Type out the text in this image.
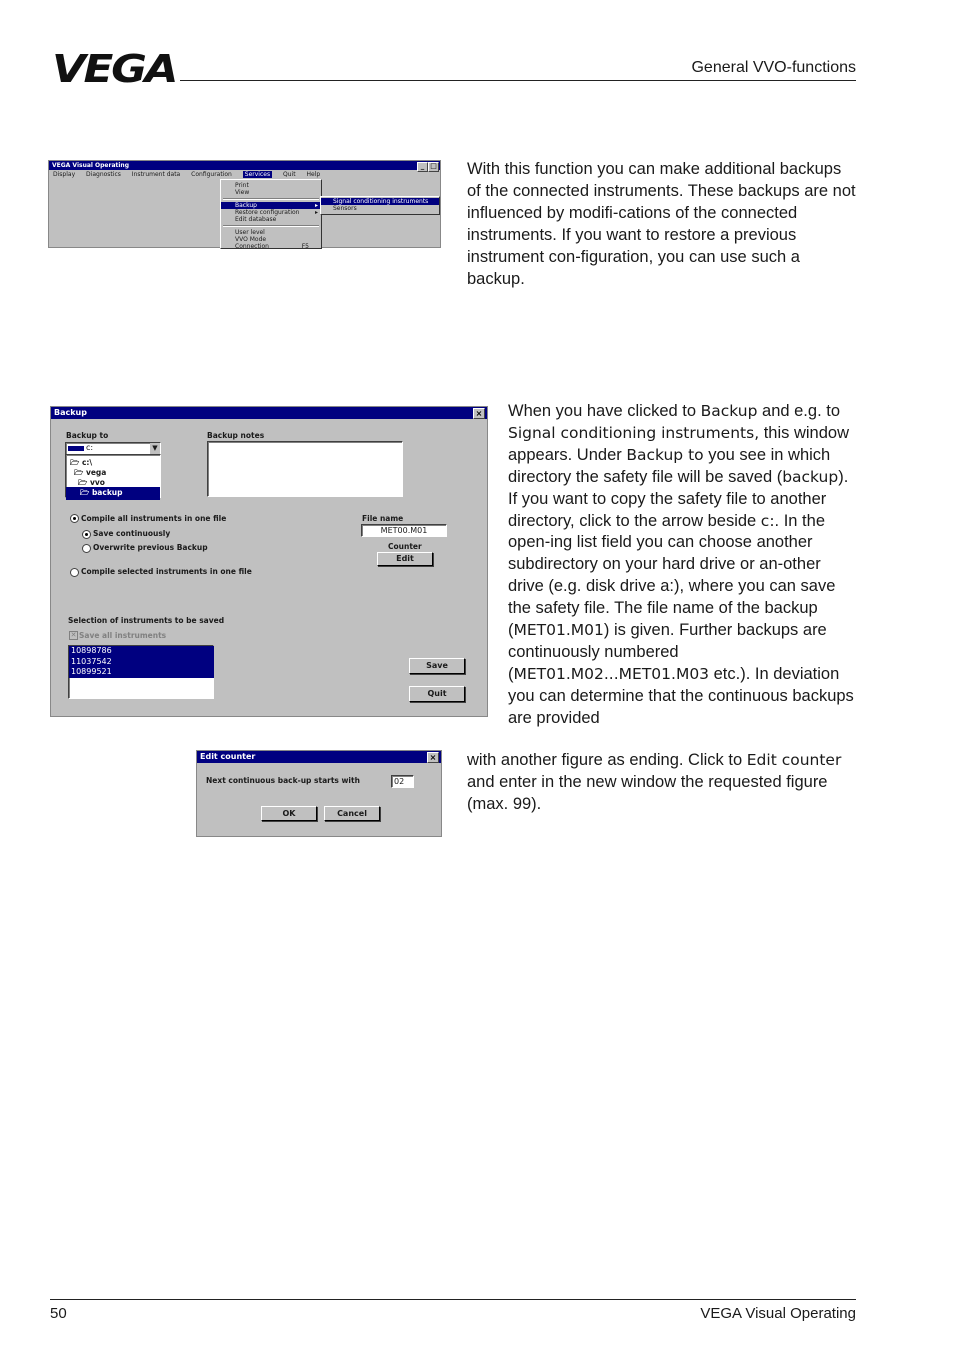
VEGA	General VVO-functions
VEGA Visual Operating	_ □
Display Diagnostics Instrument data Configuration Services Quit Help
Print
View
Backup	▸
Restore configuration	▸
Edit database
User level
VVO Mode
Connection	F5
Signal conditioning instruments
Sensors
With this function you can make additional backups of the connected instruments. These backups are not influenced by modifi-cations of the connected instruments. If you want to restore a previous instrument con-figuration, you can use such a backup.
Backup	×
Backup to
c:	▼
🗁 c:\
🗁 vega
🗁 vvo
🗁 backup
Backup notes
Compile all instruments in one file
Save continuously
Overwrite previous Backup
Compile selected instruments in one file
File name
MET00.M01
Counter
Edit
Selection of instruments to be saved
✕ Save all instruments
10898786
11037542
10899521
Save
Quit
When you have clicked to Backup and e.g. to Signal conditioning instruments, this window appears. Under Backup to you see in which directory the safety file will be saved (backup). If you want to copy the safety file to another directory, click to the arrow beside c:. In the open-ing list field you can choose another subdirectory on your hard drive or an-other drive (e.g. disk drive a:), where you can save the safety file. The file name of the backup (MET01.M01) is given. Further backups are continuously numbered (MET01.M02...MET01.M03 etc.). In deviation you can determine that the continuous backups are provided
with another figure as ending. Click to Edit counter and enter in the new window the requested figure (max. 99).
Edit counter	×
Next continuous back-up starts with	02
OK	Cancel
50	VEGA Visual Operating
